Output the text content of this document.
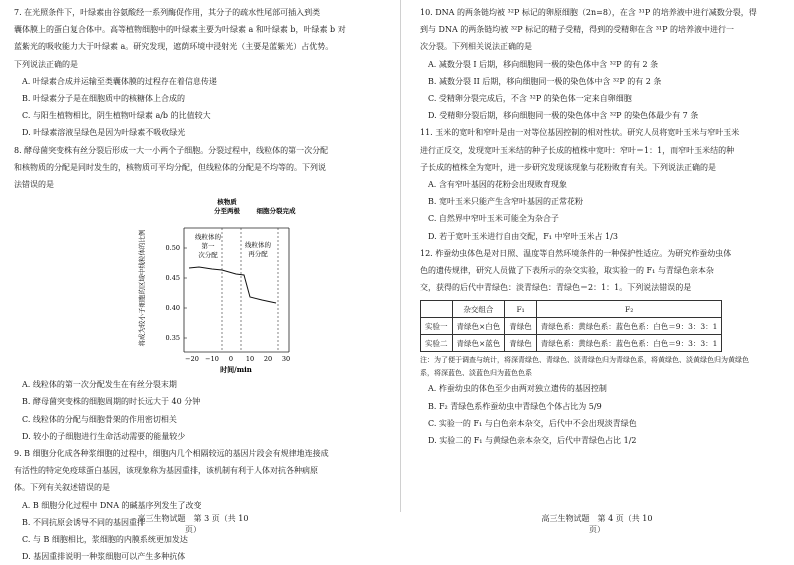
7. 在光照条件下，叶绿素由谷氨酸经一系列酶促作用，其分子的疏水性尾部可插入到类
囊体膜上的蛋白复合体中。高等植物细胞中的叶绿素主要为叶绿素 a 和叶绿素 b，叶绿素 b 对
蓝紫光的吸收能力大于叶绿素 a。研究发现，遮荫环境中浸射光（主要是蓝紫光）占优势。
下列说法正确的是
A. 叶绿素合成并运输至类囊体膜的过程存在着信息传递
B. 叶绿素分子是在细胞质中的核糖体上合成的
C. 与阳生植物相比，阴生植物叶绿素 a/b 的比值较大
D. 叶绿素溶液呈绿色是因为叶绿素不吸收绿光
8. 酵母菌突变株有丝分裂后形成一大一小两个子细胞。分裂过程中，线粒体的第一次分配
和核物质的分配是同时发生的，核物质可平均分配，但线粒体的分配是不均等的。下列说
法错误的是
将成为较小子细胞的区域中线粒体的比例	0.50
0.45
0.40
0.35
−20 −10 0 10 20 30
时间/min
核物质
分至两极	细胞分裂完成
线粒体的
第一
次分配
线粒体的
再分配
A. 线粒体的第一次分配发生在有丝分裂末期
B. 酵母菌突变株的细胞周期的时长远大于 40 分钟
C. 线粒体的分配与细胞骨架的作用密切相关
D. 较小的子细胞进行生命活动需要的能量较少
9. B 细胞分化成各种浆细胞的过程中，细胞内几个相隔较远的基因片段会有规律地连接成
有活性的特定免疫球蛋白基因，该现象称为基因重排，该机制有利于人体对抗各种病原
体。下列有关叙述错误的是
A. B 细胞分化过程中 DNA 的碱基序列发生了改变
B. 不同抗原会诱导不同的基因重排
C. 与 B 细胞相比，浆细胞的内膜系统更加发达
D. 基因重排说明一种浆细胞可以产生多种抗体
10. DNA 的两条链均被 ³²P 标记的卵原细胞（2n=8），在含 ³¹P 的培养液中进行减数分裂，得
到与 DNA 的两条链均被 ³²P 标记的精子受精，得到的受精卵在含 ³¹P 的培养液中进行一
次分裂。下列相关说法正确的是
A. 减数分裂 I 后期，移向细胞同一极的染色体中含 ³²P 的有 2 条
B. 减数分裂 II 后期，移向细胞同一极的染色体中含 ³²P 的有 2 条
C. 受精卵分裂完成后，不含 ³²P 的染色体一定来自卵细胞
D. 受精卵分裂后期，移向细胞同一极的染色体中含 ³²P 的染色体最少有 7 条
11. 玉米的宽叶和窄叶是由一对等位基因控制的相对性状。研究人员将宽叶玉米与窄叶玉米
进行正反交，发现宽叶玉米结的种子长成的植株中宽叶：窄叶＝1：1，而窄叶玉米结的种
子长成的植株全为宽叶，进一步研究发现该现象与花粉败育有关。下列说法正确的是
A. 含有窄叶基因的花粉会出现败育现象
B. 宽叶玉米只能产生含窄叶基因的正常花粉
C. 自然界中窄叶玉米可能全为杂合子
D. 若于宽叶玉米进行自由交配，F₁ 中窄叶玉米占 1/3
12. 柞蚕幼虫体色是对日照、温度等自然环境条件的一种保护性适应。为研究柞蚕幼虫体
色的遗传规律，研究人员做了下表所示的杂交实验，取实验一的 F₁ 与青绿色亲本杂
交，获得的后代中青绿色：淡青绿色：青绿色＝2：1：1。下列说法错误的是
	杂交组合	F₁	F₂
实验一	青绿色×白色	青绿色	青绿色系：黄绿色系：蓝色色系：白色＝9：3：3：1
实验二	青绿色×蓝色	青绿色	青绿色系：黄绿色系：蓝色色系：白色＝9：3：3：1
注：为了便于调查与统计，将深青绿色、青绿色、淡青绿色归为青绿色系，将黄绿色、淡黄绿色归为黄绿色
系，将深蓝色、淡蓝色归为蓝色色系
A. 柞蚕幼虫的体色至少由两对独立遗传的基因控制
B. F₂ 青绿色系柞蚕幼虫中青绿色个体占比为 5/9
C. 实验一的 F₁ 与白色亲本杂交，后代中不会出现淡青绿色
D. 实验二的 F₁ 与黄绿色亲本杂交，后代中青绿色占比 1/2
高三生物试题　第 3 页（共 10 页）
高三生物试题　第 4 页（共 10 页）
